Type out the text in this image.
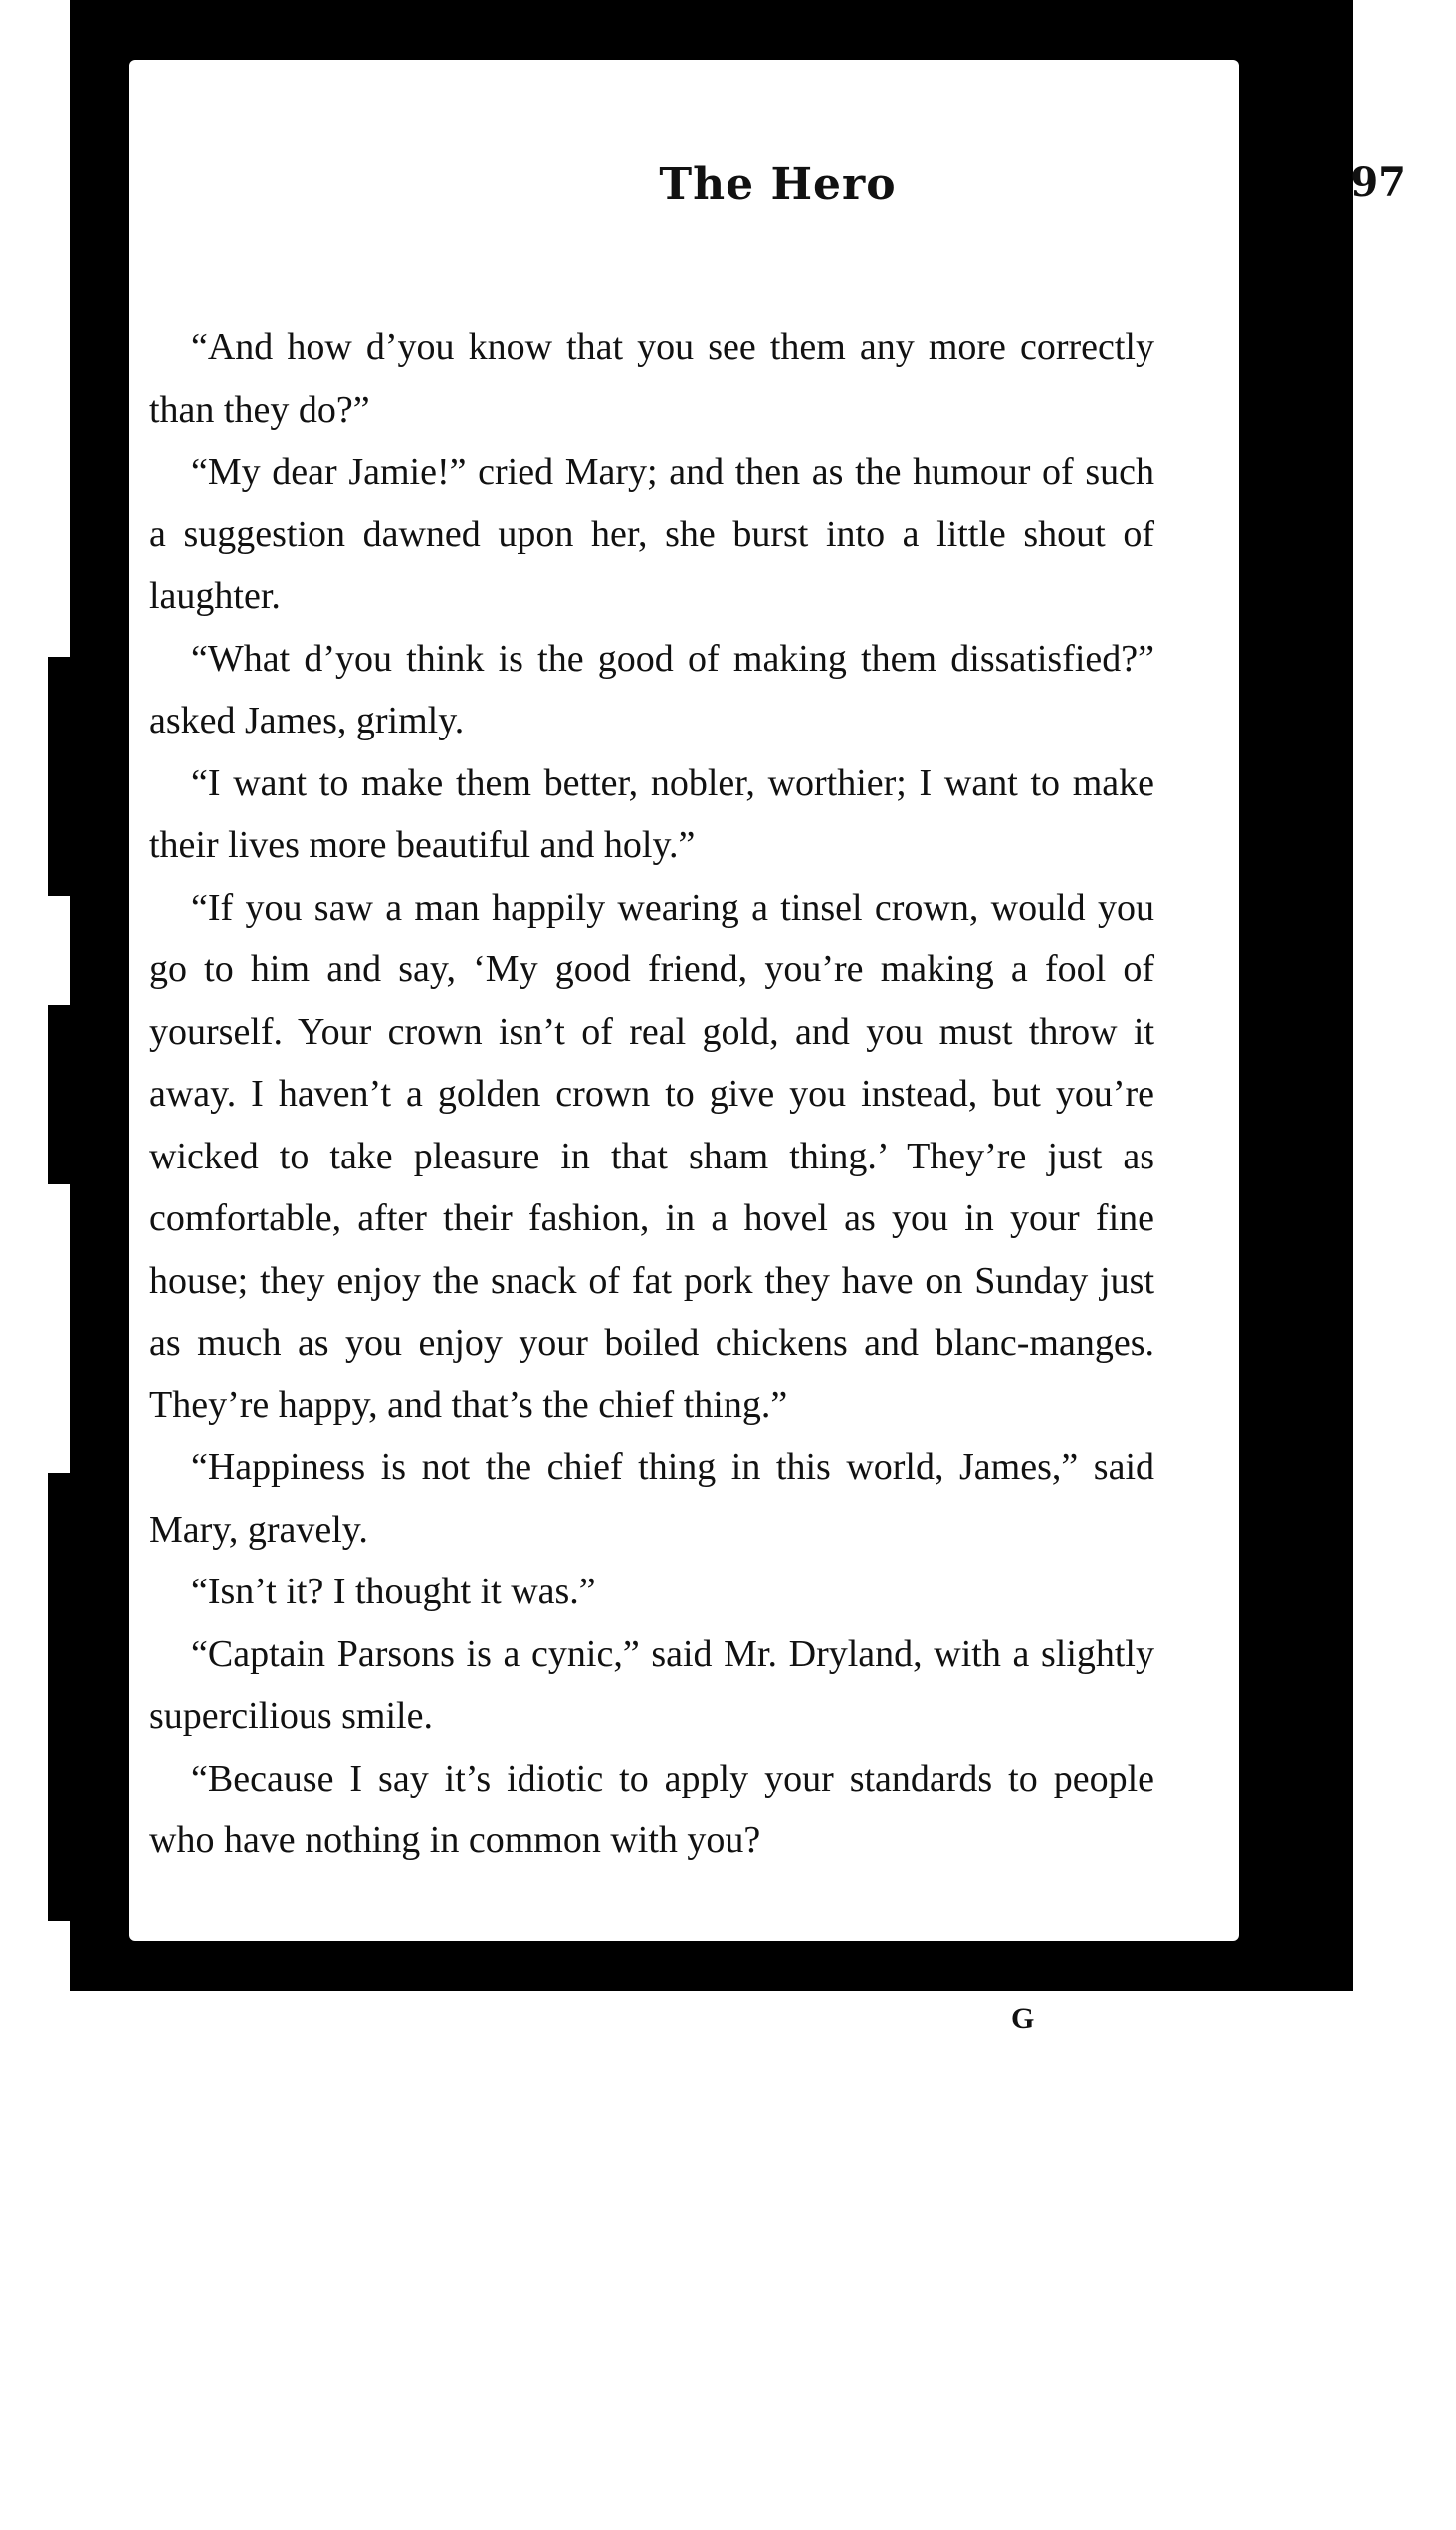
The Hero	97

“And how d’you know that you see them any more correctly than they do?”

“My dear Jamie!” cried Mary; and then as the humour of such a suggestion dawned upon her, she burst into a little shout of laughter.

“What d’you think is the good of making them dissatisfied?” asked James, grimly.

“I want to make them better, nobler, worthier; I want to make their lives more beautiful and holy.”

“If you saw a man happily wearing a tinsel crown, would you go to him and say, ‘My good friend, you’re making a fool of yourself. Your crown isn’t of real gold, and you must throw it away. I haven’t a golden crown to give you instead, but you’re wicked to take pleasure in that sham thing.’ They’re just as comfortable, after their fashion, in a hovel as you in your fine house; they enjoy the snack of fat pork they have on Sunday just as much as you enjoy your boiled chickens and blanc-manges. They’re happy, and that’s the chief thing.”

“Happiness is not the chief thing in this world, James,” said Mary, gravely.

“Isn’t it? I thought it was.”

“Captain Parsons is a cynic,” said Mr. Dryland, with a slightly supercilious smile.

“Because I say it’s idiotic to apply your standards to people who have nothing in common with you?

G
